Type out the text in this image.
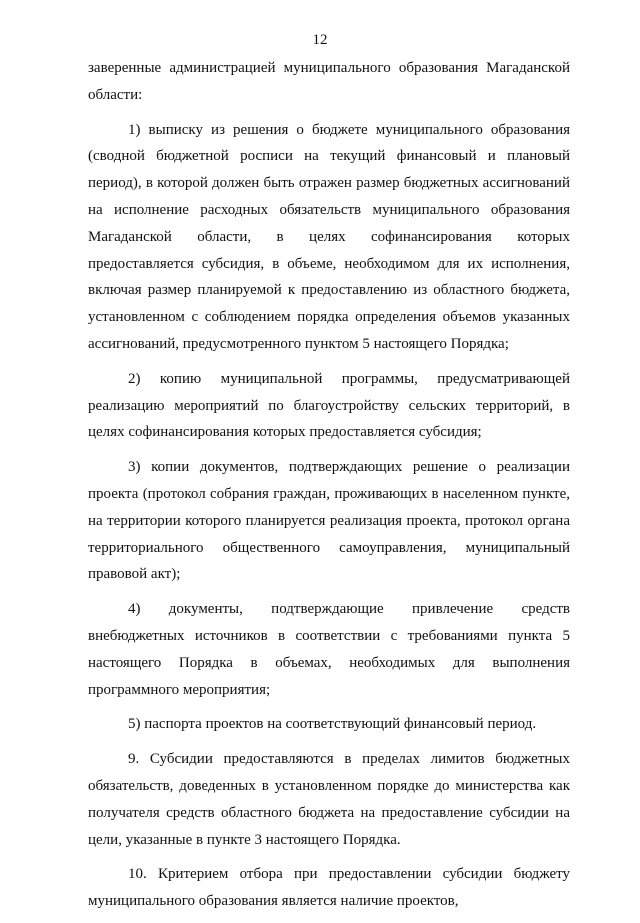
12

заверенные администрацией муниципального образования Магаданской области:

1) выписку из решения о бюджете муниципального образования (сводной бюджетной росписи на текущий финансовый и плановый период), в которой должен быть отражен размер бюджетных ассигнований на исполнение расходных обязательств муниципального образования Магаданской области, в целях софинансирования которых предоставляется субсидия, в объеме, необходимом для их исполнения, включая размер планируемой к предоставлению из областного бюджета, установленном с соблюдением порядка определения объемов указанных ассигнований, предусмотренного пунктом 5 настоящего Порядка;

2) копию муниципальной программы, предусматривающей реализацию мероприятий по благоустройству сельских территорий, в целях софинансирования которых предоставляется субсидия;

3) копии документов, подтверждающих решение о реализации проекта (протокол собрания граждан, проживающих в населенном пункте, на территории которого планируется реализация проекта, протокол органа территориального общественного самоуправления, муниципальный правовой акт);

4) документы, подтверждающие привлечение средств внебюджетных источников в соответствии с требованиями пункта 5 настоящего Порядка в объемах, необходимых для выполнения программного мероприятия;

5) паспорта проектов на соответствующий финансовый период.

9. Субсидии предоставляются в пределах лимитов бюджетных обязательств, доведенных в установленном порядке до министерства как получателя средств областного бюджета на предоставление субсидии на цели, указанные в пункте 3 настоящего Порядка.

10. Критерием отбора при предоставлении субсидии бюджету муниципального образования является наличие проектов,
